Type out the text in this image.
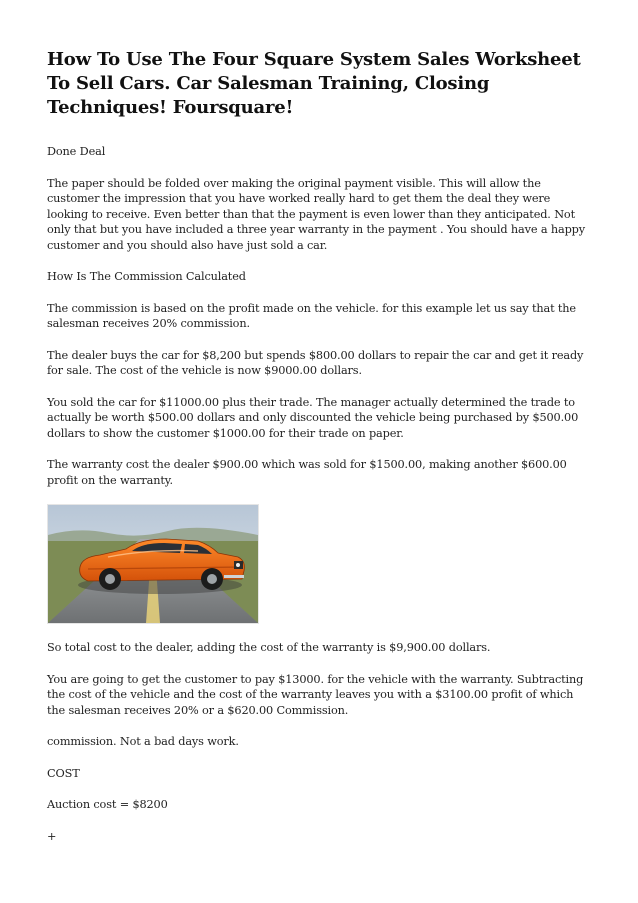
How To Use The Four Square System Sales Worksheet To Sell Cars. Car Salesman Training, Closing Techniques! Foursquare!

Done Deal

The paper should be folded over making the original payment visible. This will allow the customer the impression that you have worked really hard to get them the deal they were looking to receive. Even better than that the payment is even lower than they anticipated. Not only that but you have included a three year warranty in the payment . You should have a happy customer and you should also have just sold a car.

How Is The Commission Calculated

The commission is based on the profit made on the vehicle. for this example let us say that the salesman receives 20% commission.

The dealer buys the car for $8,200 but spends $800.00 dollars to repair the car and get it ready for sale. The cost of the vehicle is now $9000.00 dollars.

You sold the car for $11000.00 plus their trade. The manager actually determined the trade to actually be worth $500.00 dollars and only discounted the vehicle being purchased by $500.00 dollars to show the customer $1000.00 for their trade on paper.

The warranty cost the dealer $900.00 which was sold for $1500.00, making another $600.00 profit on the warranty.

So total cost to the dealer, adding the cost of the warranty is $9,900.00 dollars.

You are going to get the customer to pay $13000. for the vehicle with the warranty. Subtracting the cost of the vehicle and the cost of the warranty leaves you with a $3100.00 profit of which the salesman receives 20% or a $620.00 Commission.

commission. Not a bad days work.

COST

Auction cost = $8200

+
